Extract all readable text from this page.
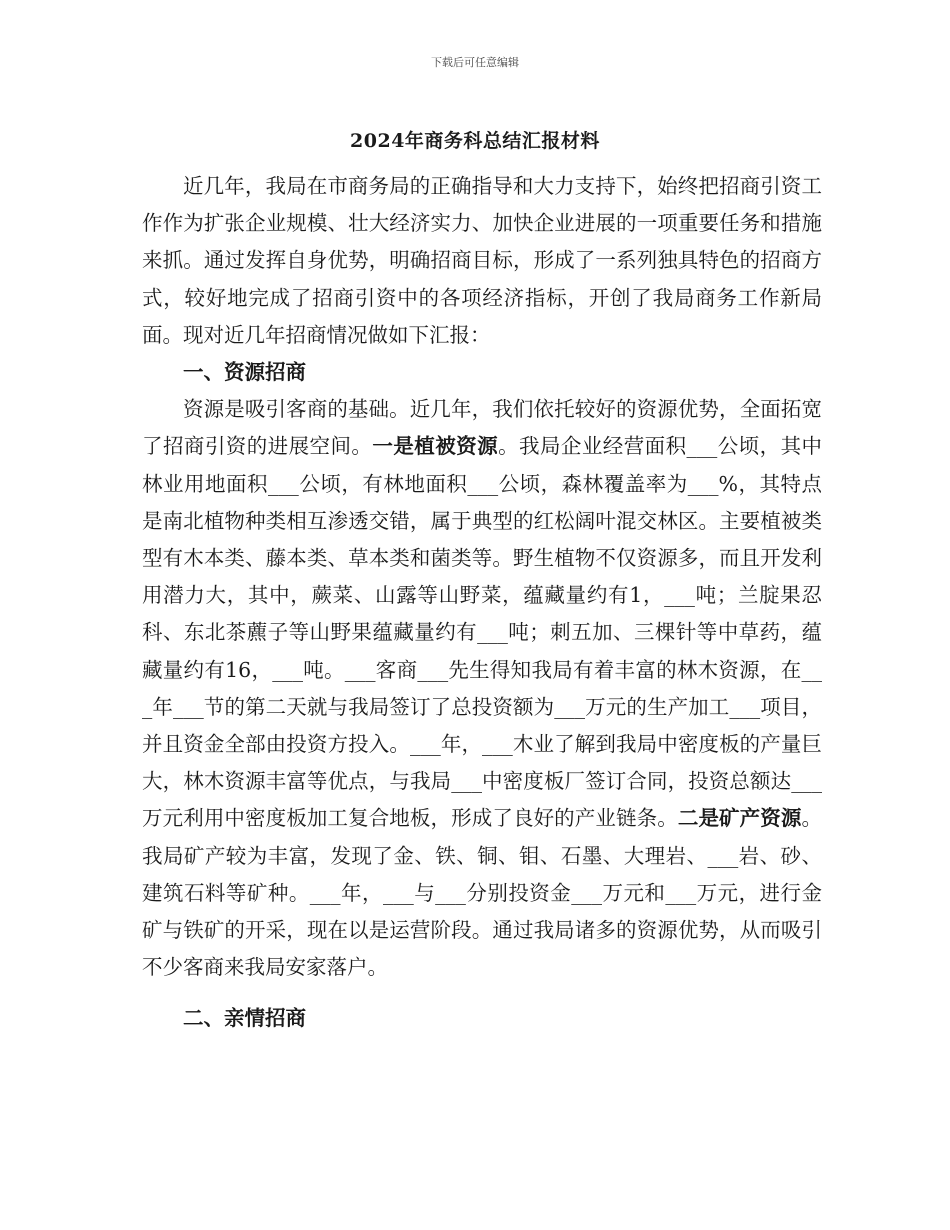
下载后可任意编辑
2024年商务科总结汇报材料

近几年，我局在市商务局的正确指导和大力支持下，始终把招商引资工作作为扩张企业规模、壮大经济实力、加快企业进展的一项重要任务和措施来抓。通过发挥自身优势，明确招商目标，形成了一系列独具特色的招商方式，较好地完成了招商引资中的各项经济指标，开创了我局商务工作新局面。现对近几年招商情况做如下汇报：

一、资源招商

资源是吸引客商的基础。近几年，我们依托较好的资源优势，全面拓宽了招商引资的进展空间。一是植被资源。我局企业经营面积___公顷，其中林业用地面积___公顷，有林地面积___公顷，森林覆盖率为___%，其特点是南北植物种类相互渗透交错，属于典型的红松阔叶混交林区。主要植被类型有木本类、藤本类、草本类和菌类等。野生植物不仅资源多，而且开发利用潜力大，其中，蕨菜、山露等山野菜，蕴藏量约有1，___吨；兰腚果忍科、东北茶藨子等山野果蕴藏量约有___吨；刺五加、三棵针等中草药，蕴藏量约有16，___吨。___客商___先生得知我局有着丰富的林木资源，在___年___节的第二天就与我局签订了总投资额为___万元的生产加工___项目，并且资金全部由投资方投入。___年，___木业了解到我局中密度板的产量巨大，林木资源丰富等优点，与我局___中密度板厂签订合同，投资总额达___万元利用中密度板加工复合地板，形成了良好的产业链条。二是矿产资源。我局矿产较为丰富，发现了金、铁、铜、钼、石墨、大理岩、___岩、砂、建筑石料等矿种。___年，___与___分别投资金___万元和___万元，进行金矿与铁矿的开采，现在以是运营阶段。通过我局诸多的资源优势，从而吸引不少客商来我局安家落户。

二、亲情招商
